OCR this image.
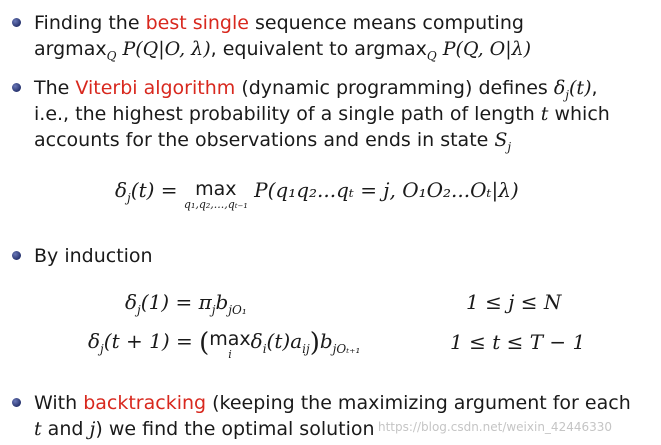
Finding the best single sequence means computing
argmax$_Q$ P(Q|O, λ), equivalent to argmax$_Q$ P(Q, O|λ)
The Viterbi algorithm (dynamic programming) defines $\delta_j(t)$,
i.e., the highest probability of a single path of length t which
accounts for the observations and ends in state $S_j$
$\delta_j(t) = \max$
q₁,q₂,...,qₜ₋₁
P(q₁q₂...qₜ = j, O₁O₂...Oₜ|λ)
By induction
$\delta_j(1) = \pi_jb_{jO_1}$	1 ≤ j ≤ N
$\delta_j(t + 1)$ = ( max
i
$\delta_i(t)a_{ij})b_{jO_{t+1}}$	1 ≤ t ≤ T − 1
With backtracking (keeping the maximizing argument for each
t and j) we find the optimal solution https://blog.csdn.net/weixin_42446330
